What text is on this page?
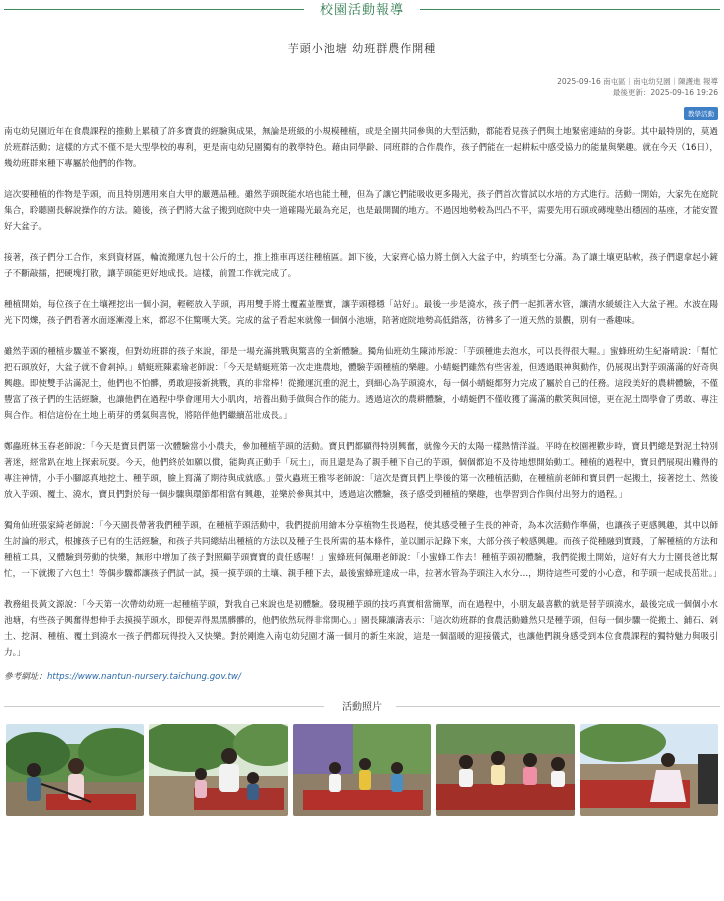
校園活動報導
芋頭小池塘 幼班群農作開種
2025-09-16 南屯區｜南屯幼兒園｜陳護進 報導
最後更新：2025-09-16 19:26
教學活動

南屯幼兒園近年在食農課程的推動上累積了許多寶貴的經驗與成果，無論是班級的小規模種植，或是全園共同參與的大型活動，都能看見孩子們與土地緊密連結的身影。其中最特別的，莫過於班群活動；這樣的方式不僅不是大型學校的專利，更是南屯幼兒園獨有的教學特色。藉由同學齡、同班群的合作農作，孩子們能在一起耕耘中感受協力的能量與樂趣。就在今天（16日），幾幼班群來種下專屬於他們的作物。

這次要種植的作物是芋頭，而且特別選用來自大甲的嚴選品種。雖然芋頭既能水培也能土種，但為了讓它們能吸收更多陽光，孩子們首次嘗試以水培的方式進行。活動一開始，大家先在庭院集合，聆聽園長解說操作的方法。隨後，孩子們將大盆子搬到庭院中央一道確陽光最為充足，也是最開闊的地方。不過因地勢較為凹凸不平，需要先用石頭或磚塊墊出穩固的基座，才能安置好大盆子。

接著，孩子們分工合作，來到資材區，輪流搬運九包十公斤的土，推上推車再送往種植區。卸下後，大家齊心協力將土倒入大盆子中，約填至七分滿。為了讓土壤更貼軟，孩子們還拿起小鏟子不斷敲擂，把硬塊打散，讓芋頭能更好地成長。這樣，前置工作就完成了。

種植開始，每位孩子在土壤裡挖出一個小洞，輕輕放入芋頭，再用雙手將土覆蓋並壓實，讓芋頭穩穩「站好」。最後一步是澆水，孩子們一起抓著水管，讓清水緩緩注入大盆子裡。水波在陽光下閃爍，孩子們看著水面逐漸漫上來，都忍不住驚嘆大笑。完成的盆子看起來就像一個個小池塘，陪著庭院地勢高低錯落，彷彿多了一道天然的景觀，別有一番趣味。

雖然芋頭的種植步驟並不繁複，但對幼班群的孩子來說，卻是一場充滿挑戰與驚喜的全新體驗。獨角仙班幼生陳沛彤說：「芋頭種進去泡水，可以長得很大喔。」蜜蜂班幼生紀崙晴說：「幫忙把石頭放好，大盆子就不會剎掉。」蜻蜓班陳素瑜老師說：「今天是蜻蜓班第一次走進農地，體驗芋頭種植的樂趣。小蜻蜓們雖然有些害羞，但透過眼神與動作，仍展現出對芋頭滿滿的好奇與興趣。即使雙手沾滿泥土，他們也不怕髒，勇敢迎接新挑戰，真的非常棒！從搬運沉重的泥土，到細心為芋頭澆水，每一個小蜻蜓都努力完成了屬於自己的任務。這段美好的農耕體驗，不僅豐富了孩子們的生活經驗，也讓他們在過程中學會運用大小肌肉，培養出動手做與合作的能力。透過這次的農耕體驗，小蜻蜓們不僅收獲了滿滿的歡笑與回憶，更在泥土間學會了勇敢、專注與合作。相信這份在土地上萌芽的勇氣與喜悅，將陪伴他們繼續茁壯成長。」

鄭蟲班林玉春老師說：「今天是寶貝們第一次體驗當小小農夫，參加種植芋頭的活動。寶貝們都顯得特別興奮，就像今天的太陽一樣熱情洋溢。平時在校園裡歡步時，寶貝們總是對泥土特別著迷，經常趴在地上探索玩耍。今天，他們終於如願以償，能夠真正動手「玩土」，而且還是為了親手種下自己的芋頭，個個都迫不及待地想開始動工。種植的過程中，寶貝們展現出難得的專注神情，小手小腳認真地挖土、種芋頭，臉上寫滿了期待與成就感。」螢火蟲班王雅岑老師說：「這次是寶貝們上學後的第一次種植活動，在種植前老師和寶貝們一起搬土，接著挖土、然後放入芋頭、覆土、澆水，寶貝們對於每一個步驟與環節都相當有興趣，並樂於參與其中，透過這次體驗，孩子感受到種植的樂趣，也學習到合作與付出努力的過程。」

獨角仙班張家綺老師說：「今天園長帶著我們種芋頭，在種植芋頭活動中，我們提前用繪本分享植物生長過程，使其感受種子生長的神奇，為本次活動作準備，也讓孩子更感興趣，其中以師生討論的形式，根據孩子已有的生活經驗，和孩子共同總結出種植的方法以及種子生長所需的基本條件，並以圖示記錄下來，大部分孩子較感興趣。而孩子從種融到實踐，了解種植的方法和種植工具，又體驗到勞動的快樂，無形中增加了孩子對照顧芋頭寶寶的責任感喔！」蜜蜂班何佩珊老師說：「小蜜蜂工作去！種植芋頭初體驗，我們從搬土開始，這好有大力士園長爸比幫忙，一下就搬了六包土！等偶步驟都讓孩子們試一試，摸一摸芋頭的土壤、親手種下去，最後蜜蜂班達成一串，拉著水管為芋頭注入水分…，期待這些可愛的小心意，和芋頭一起成長茁壯。」

教務組長黃文源說：「今天第一次帶幼幼班一起種植芋頭，對我自己來說也是初體驗。發現種芋頭的技巧真實相當簡單，而在過程中，小朋友最喜歡的就是替芋頭澆水，最後完成一個個小水池塘，有些孩子興奮得想伸手去摸摸芋頭水，即便弄得黑黑髒髒的，他們依然玩得非常開心。」園長陳讓濤表示：「這次幼班群的食農活動雖然只是種芋頭，但每一個步驟一從搬土、鋪石、剁土、挖洞、種植、覆土到澆水一孩子們都玩得投入又快樂。對於剛進入南屯幼兒園才滿一個月的新生來說，這是一個溫暖的迎接儀式，也讓他們親身感受到本位食農課程的獨特魅力與吸引力。」

參考網址：https://www.nantun-nursery.taichung.gov.tw/
活動照片
